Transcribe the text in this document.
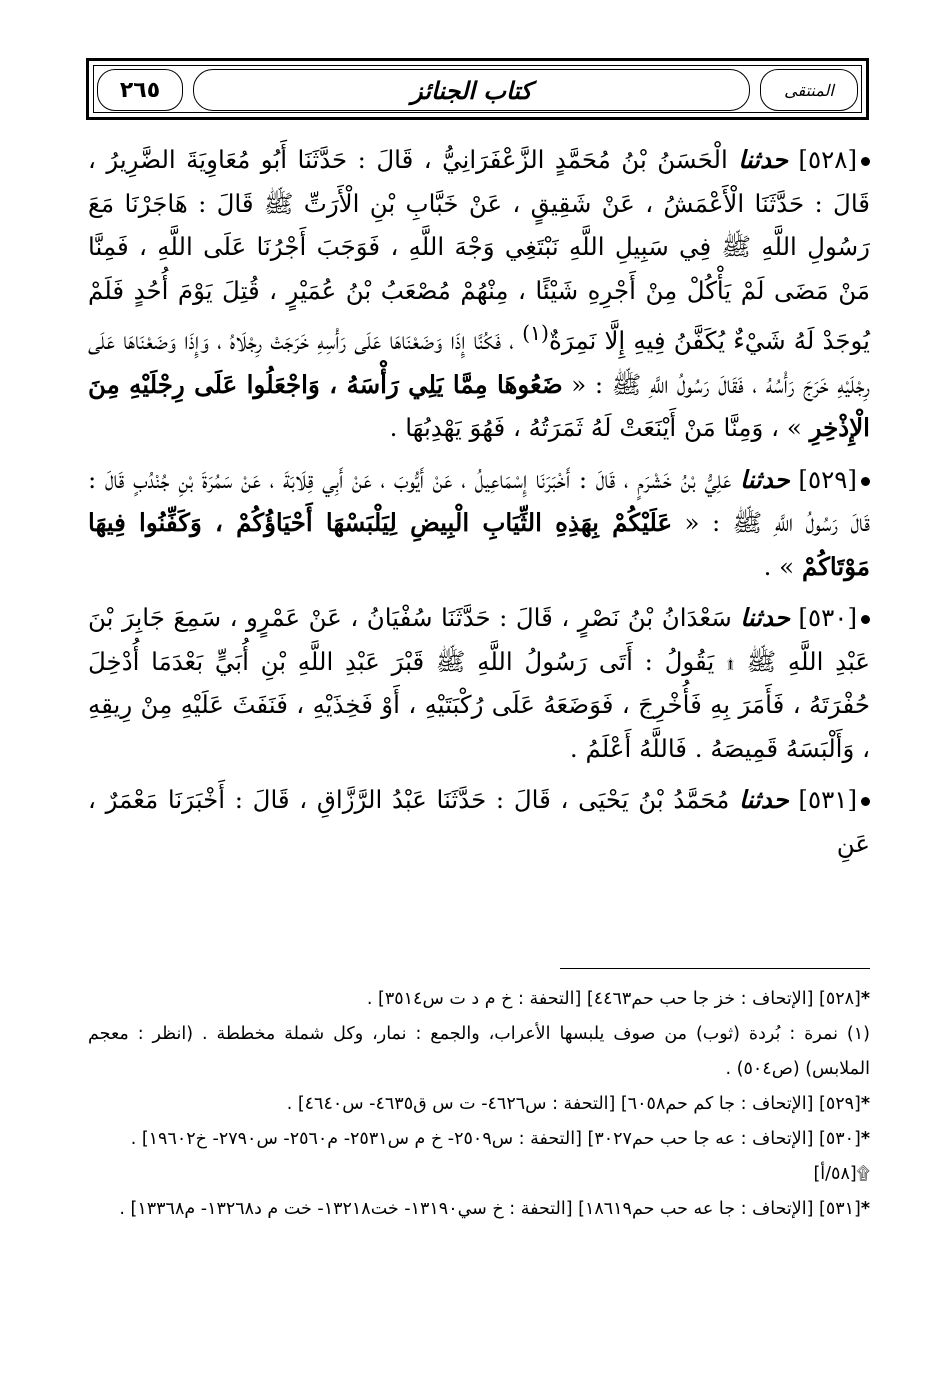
٢٦٥	كتاب الجنائز	المنتقى

[٥٢٨] حدثنا الْحَسَنُ بْنُ مُحَمَّدٍ الزَّعْفَرَانِيُّ ، قَالَ : حَدَّثَنَا أَبُو مُعَاوِيَةَ الضَّرِيرُ ، قَالَ : حَدَّثَنَا الْأَعْمَشُ ، عَنْ شَقِيقٍ ، عَنْ خَبَّابِ بْنِ الْأَرَتِّ ﷺ قَالَ : هَاجَرْنَا مَعَ رَسُولِ اللَّهِ ﷺ فِي سَبِيلِ اللَّهِ نَبْتَغِي وَجْهَ اللَّهِ ، فَوَجَبَ أَجْرُنَا عَلَى اللَّهِ ، فَمِنَّا مَنْ مَضَى لَمْ يَأْكُلْ مِنْ أَجْرِهِ شَيْئًا ، مِنْهُمْ مُصْعَبُ بْنُ عُمَيْرٍ ، قُتِلَ يَوْمَ أُحُدٍ فَلَمْ يُوجَدْ لَهُ شَيْءٌ يُكَفَّنُ فِيهِ إِلَّا نَمِرَةٌ$^{(١)}$ ، فَكُنَّا إِذَا وَضَعْنَاهَا عَلَى رَأْسِهِ خَرَجَتْ رِجْلَاهُ ، وَإِذَا وَضَعْنَاهَا عَلَى رِجْلَيْهِ خَرَجَ رَأْسُهُ ، فَقَالَ رَسُولُ اللَّهِ ﷺ : « ضَعُوهَا مِمَّا يَلِي رَأْسَهُ ، وَاجْعَلُوا عَلَى رِجْلَيْهِ مِنَ الْإِذْخِرِ » ، وَمِنَّا مَنْ أَيْنَعَتْ لَهُ ثَمَرَتُهُ ، فَهُوَ يَهْدِبُهَا .

[٥٢٩] حدثنا عَلِيُّ بْنُ خَشْرَمٍ ، قَالَ : أَخْبَرَنَا إِسْمَاعِيلُ ، عَنْ أَيُّوبَ ، عَنْ أَبِي قِلَابَةَ ، عَنْ سَمُرَةَ بْنِ جُنْدُبٍ قَالَ : قَالَ رَسُولُ اللَّهِ ﷺ : « عَلَيْكُمْ بِهَذِهِ الثِّيَابِ الْبِيضِ لِيَلْبَسْهَا أَحْيَاؤُكُمْ ، وَكَفِّنُوا فِيهَا مَوْتَاكُمْ » .

[٥٣٠] حدثنا سَعْدَانُ بْنُ نَصْرٍ ، قَالَ : حَدَّثَنَا سُفْيَانُ ، عَنْ عَمْرٍو ، سَمِعَ جَابِرَ بْنَ عَبْدِ اللَّهِ ﷺ ۩ يَقُولُ : أَتَى رَسُولُ اللَّهِ ﷺ قَبْرَ عَبْدِ اللَّهِ بْنِ أُبَيٍّ بَعْدَمَا أُدْخِلَ حُفْرَتَهُ ، فَأَمَرَ بِهِ فَأُخْرِجَ ، فَوَضَعَهُ عَلَى رُكْبَتَيْهِ ، أَوْ فَخِذَيْهِ ، فَنَفَثَ عَلَيْهِ مِنْ رِيقِهِ ، وَأَلْبَسَهُ قَمِيصَهُ . فَاللَّهُ أَعْلَمُ .

[٥٣١] حدثنا مُحَمَّدُ بْنُ يَحْيَى ، قَالَ : حَدَّثَنَا عَبْدُ الرَّزَّاقِ ، قَالَ : أَخْبَرَنَا مَعْمَرٌ ، عَنِ

*[٥٢٨] [الإتحاف : خز جا حب حم٤٤٦٣] [التحفة : خ م د ت س٣٥١٤] .

(١) نمرة : بُردة (ثوب) من صوف يلبسها الأعراب، والجمع : نمار، وكل شملة مخططة . (انظر : معجم الملابس) (ص٥٠٤) .

*[٥٢٩] [الإتحاف : جا كم حم٦٠٥٨] [التحفة : س٤٦٢٦- ت س ق٤٦٣٥- س٤٦٤٠] .

*[٥٣٠] [الإتحاف : عه جا حب حم٣٠٢٧] [التحفة : س٢٥٠٩- خ م س٢٥٣١- م٢٥٦٠- س٢٧٩٠- خ١٩٦٠٢] .

۩[٥٨/أ]

*[٥٣١] [الإتحاف : جا عه حب حم١٨٦١٩] [التحفة : خ سي١٣١٩٠- خت١٣٢١٨- خت م د١٣٢٦٨- م١٣٣٦٨] .
